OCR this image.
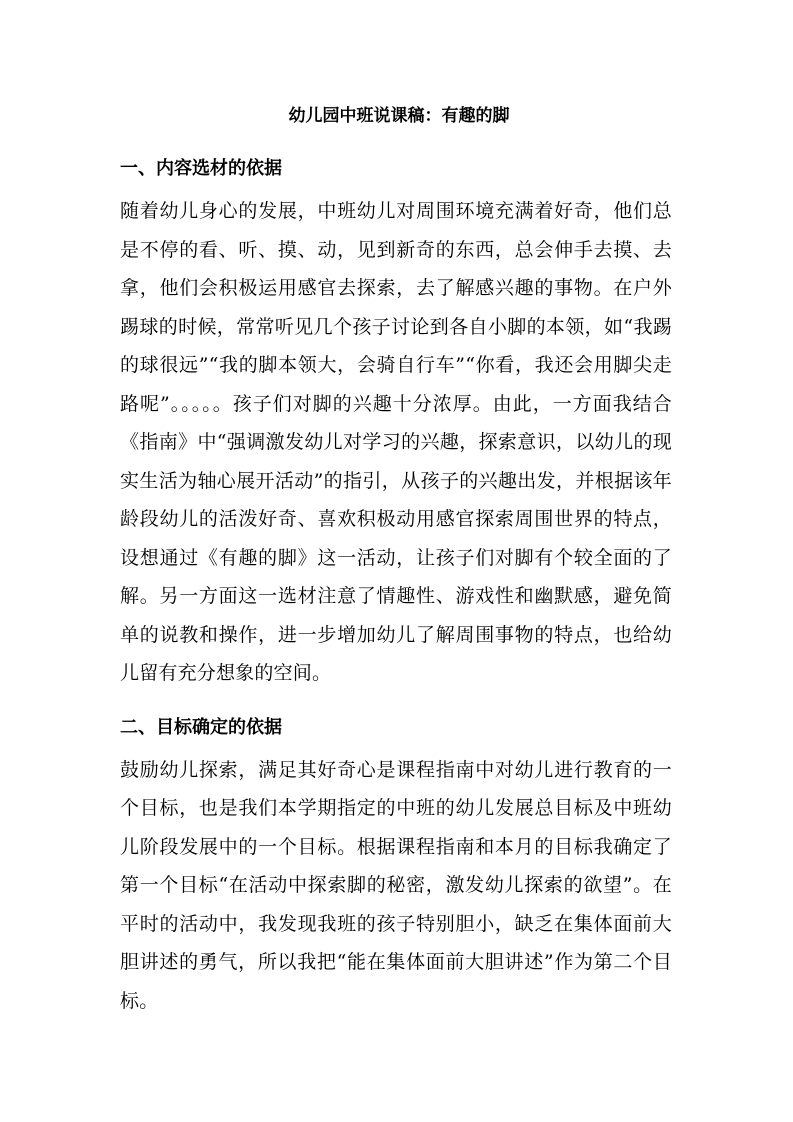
幼儿园中班说课稿：有趣的脚
一、内容选材的依据

随着幼儿身心的发展，中班幼儿对周围环境充满着好奇，他们总是不停的看、听、摸、动，见到新奇的东西，总会伸手去摸、去拿，他们会积极运用感官去探索，去了解感兴趣的事物。在户外踢球的时候，常常听见几个孩子讨论到各自小脚的本领，如“我踢的球很远”“我的脚本领大，会骑自行车”“你看，我还会用脚尖走路呢”。。。。。孩子们对脚的兴趣十分浓厚。由此，一方面我结合《指南》中“强调激发幼儿对学习的兴趣，探索意识，以幼儿的现实生活为轴心展开活动”的指引，从孩子的兴趣出发，并根据该年龄段幼儿的活泼好奇、喜欢积极动用感官探索周围世界的特点，设想通过《有趣的脚》这一活动，让孩子们对脚有个较全面的了解。另一方面这一选材注意了情趣性、游戏性和幽默感，避免简单的说教和操作，进一步增加幼儿了解周围事物的特点，也给幼儿留有充分想象的空间。

二、目标确定的依据

鼓励幼儿探索，满足其好奇心是课程指南中对幼儿进行教育的一个目标，也是我们本学期指定的中班的幼儿发展总目标及中班幼儿阶段发展中的一个目标。根据课程指南和本月的目标我确定了第一个目标“在活动中探索脚的秘密，激发幼儿探索的欲望”。在平时的活动中，我发现我班的孩子特别胆小，缺乏在集体面前大胆讲述的勇气，所以我把“能在集体面前大胆讲述”作为第二个目标。
